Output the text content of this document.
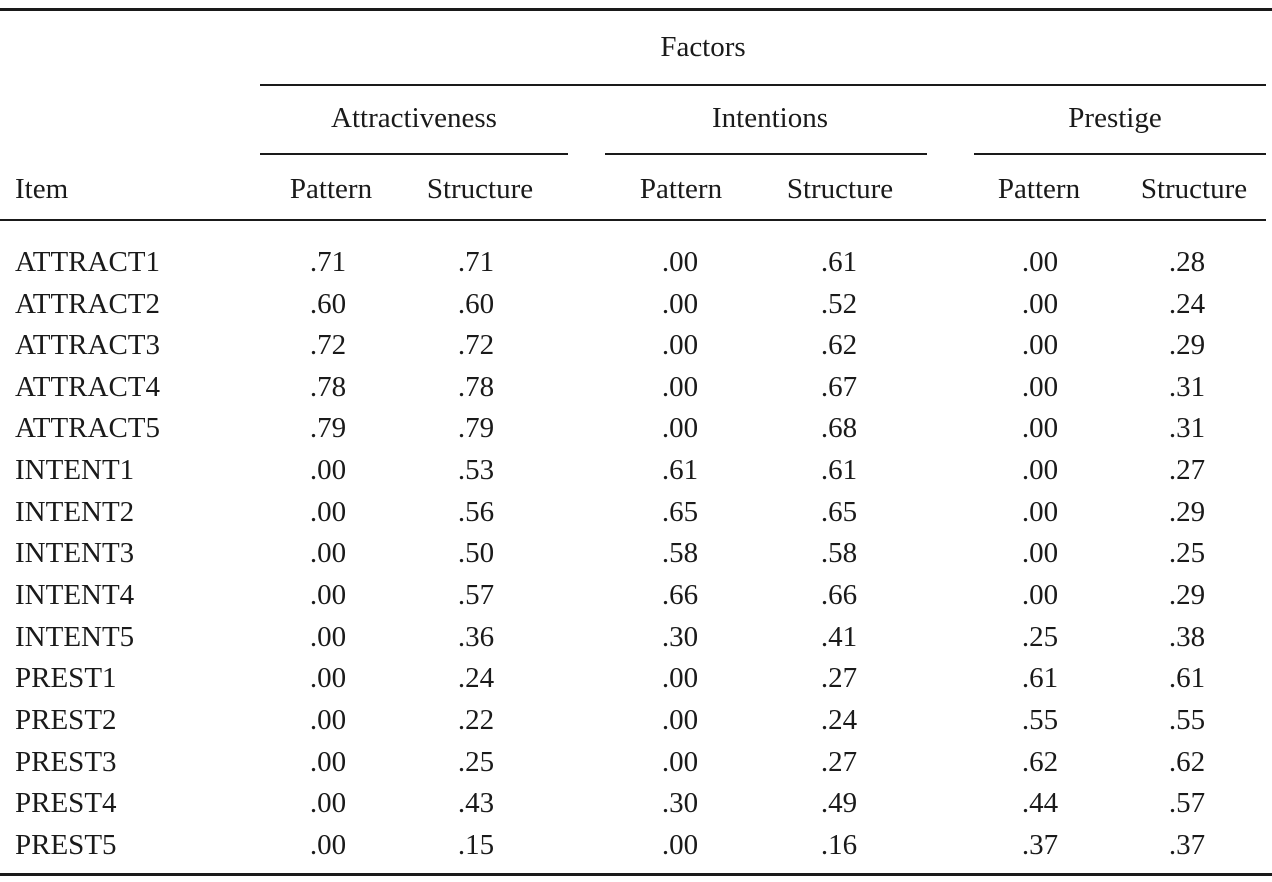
Factors
Attractiveness	Intentions	Prestige
Item	Pattern Structure	Pattern Structure	Pattern Structure
ATTRACT1	.71	.71	.00	.61	.00	.28
ATTRACT2	.60	.60	.00	.52	.00	.24
ATTRACT3	.72	.72	.00	.62	.00	.29
ATTRACT4	.78	.78	.00	.67	.00	.31
ATTRACT5	.79	.79	.00	.68	.00	.31
INTENT1	.00	.53	.61	.61	.00	.27
INTENT2	.00	.56	.65	.65	.00	.29
INTENT3	.00	.50	.58	.58	.00	.25
INTENT4	.00	.57	.66	.66	.00	.29
INTENT5	.00	.36	.30	.41	.25	.38
PREST1	.00	.24	.00	.27	.61	.61
PREST2	.00	.22	.00	.24	.55	.55
PREST3	.00	.25	.00	.27	.62	.62
PREST4	.00	.43	.30	.49	.44	.57
PREST5	.00	.15	.00	.16	.37	.37
